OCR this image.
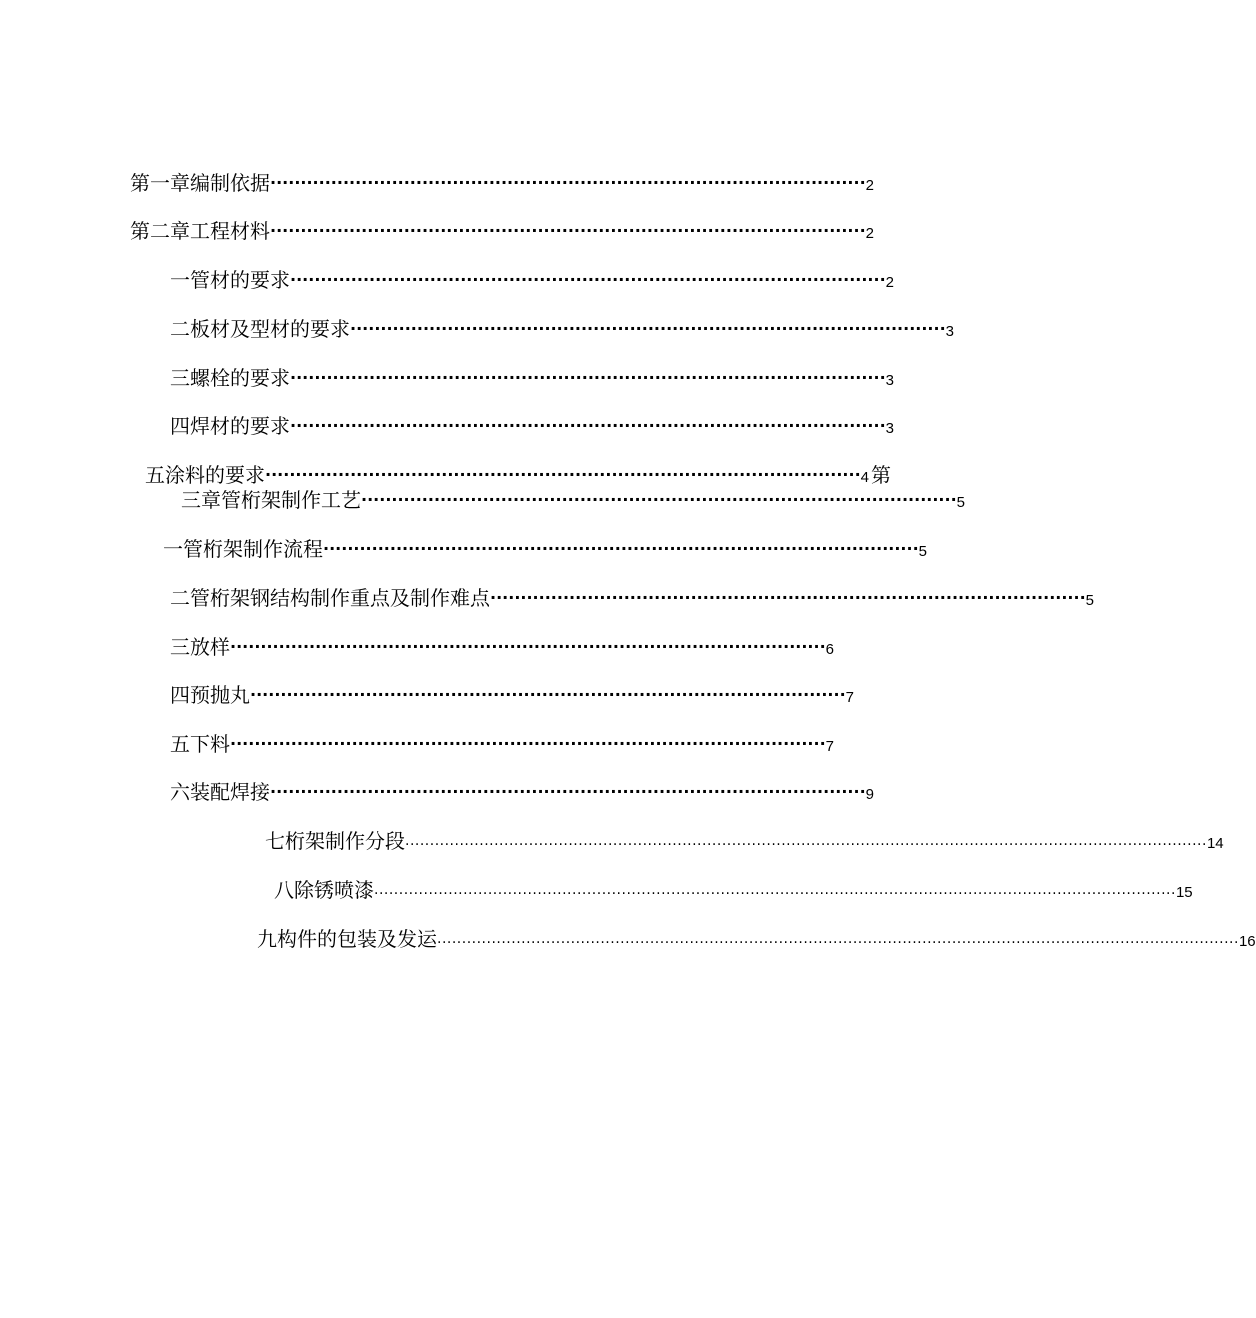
第一章编制依据 ·································································································· 2
第二章工程材料 ·································································································· 2
一 管材的要求 ·································································································· 2
二 板材及型材的要求 ·································································································· 3
三 螺栓的要求 ·································································································· 3
四 焊材的要求 ·································································································· 3
五 涂料的要求 ·································································································· 4 第
三章管桁架制作工艺 ·································································································· 5
一 管桁架制作流程 ·································································································· 5
二 管桁架钢结构制作重点及制作难点 ·································································································· 5
三 放样 ·································································································· 6
四 预抛丸 ·································································································· 7
五 下料 ·································································································· 7
六 装配焊接 ·································································································· 9
七 桁架制作分段 .................................................................................................................................................................. 14
八 除锈喷漆 .................................................................................................................................................................. 15
九 构件的包装及发运 .................................................................................................................................................................. 16
